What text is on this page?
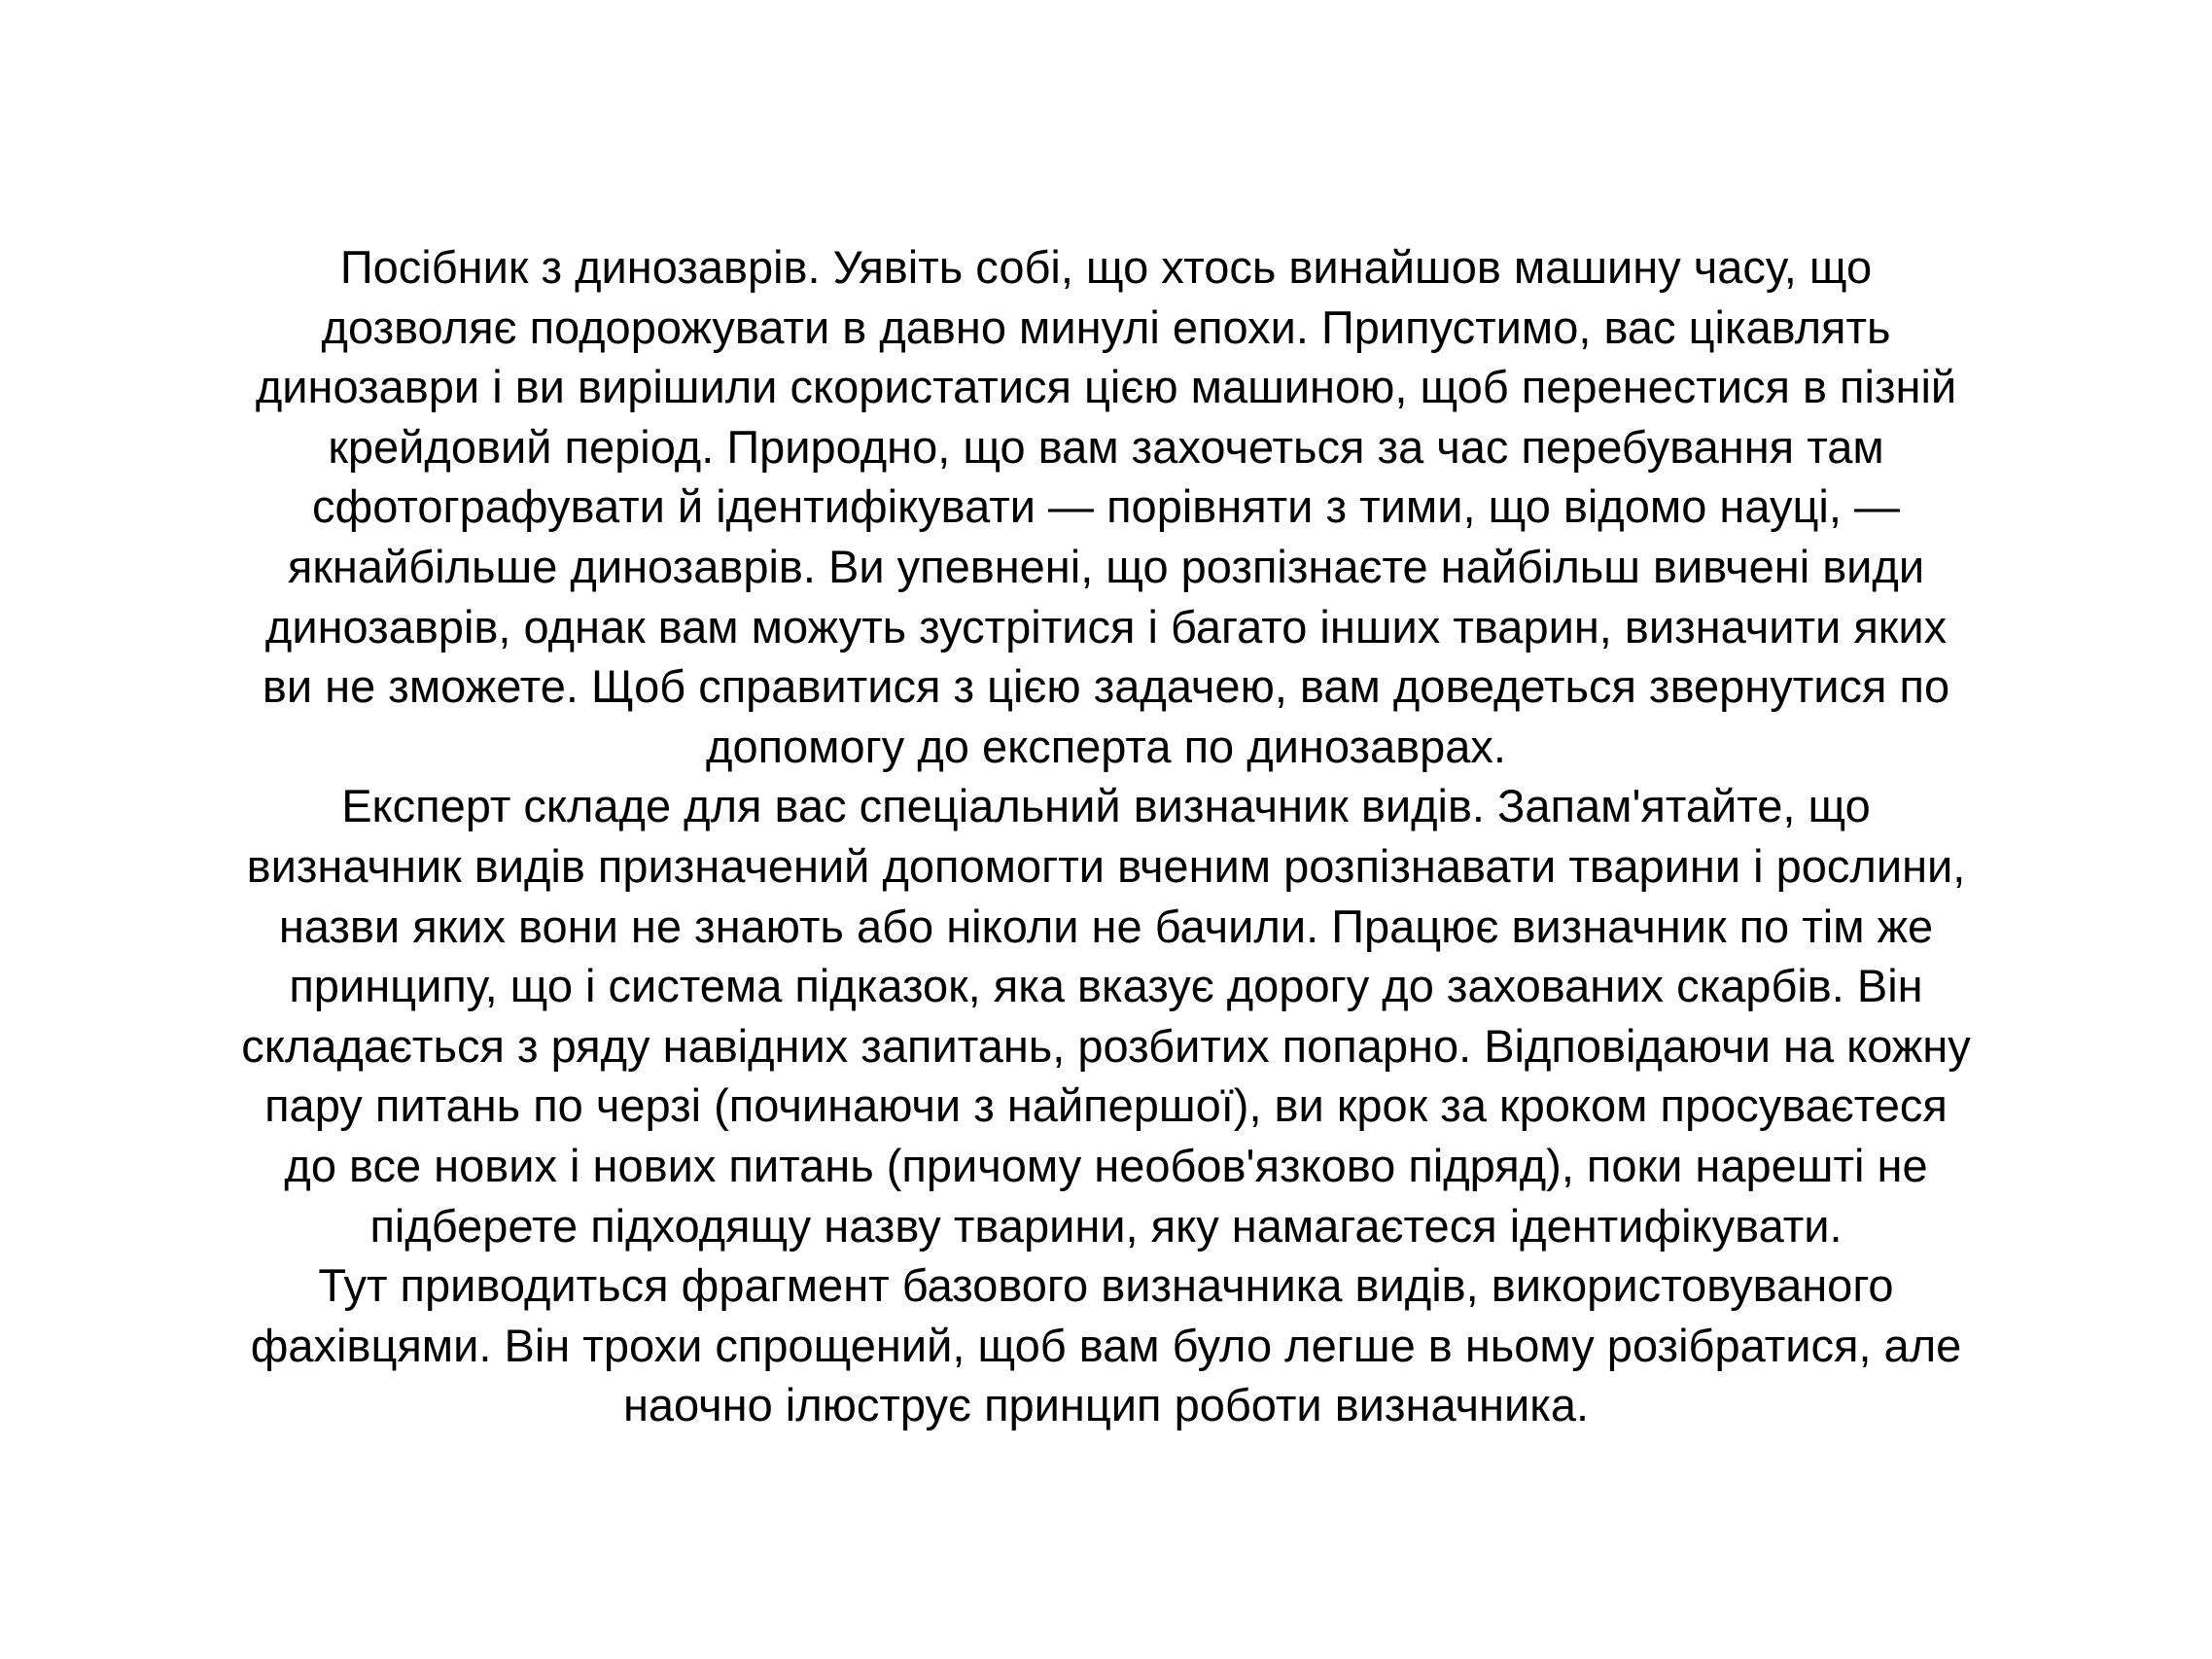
Посібник з динозаврів. Уявіть собі, що хтось винайшов машину часу, що
дозволяє подорожувати в давно минулі епохи. Припустимо, вас цікавлять
динозаври і ви вирішили скористатися цією машиною, щоб перенестися в пізній
крейдовий період. Природно, що вам захочеться за час перебування там
сфотографувати й ідентифікувати — порівняти з тими, що відомо науці, —
якнайбільше динозаврів. Ви упевнені, що розпізнаєте найбільш вивчені види
динозаврів, однак вам можуть зустрітися і багато інших тварин, визначити яких
ви не зможете. Щоб справитися з цією задачею, вам доведеться звернутися по
допомогу до експерта по динозаврах.
Експерт складе для вас спеціальний визначник видів. Запам'ятайте, що
визначник видів призначений допомогти вченим розпізнавати тварини і рослини,
назви яких вони не знають або ніколи не бачили. Працює визначник по тім же
принципу, що і система підказок, яка вказує дорогу до захованих скарбів. Він
складається з ряду навідних запитань, розбитих попарно. Відповідаючи на кожну
пару питань по черзі (починаючи з найпершої), ви крок за кроком просуваєтеся
до все нових і нових питань (причому необов'язково підряд), поки нарешті не
підберете підходящу назву тварини, яку намагаєтеся ідентифікувати.
Тут приводиться фрагмент базового визначника видів, використовуваного
фахівцями. Він трохи спрощений, щоб вам було легше в ньому розібратися, але
наочно ілюструє принцип роботи визначника.
